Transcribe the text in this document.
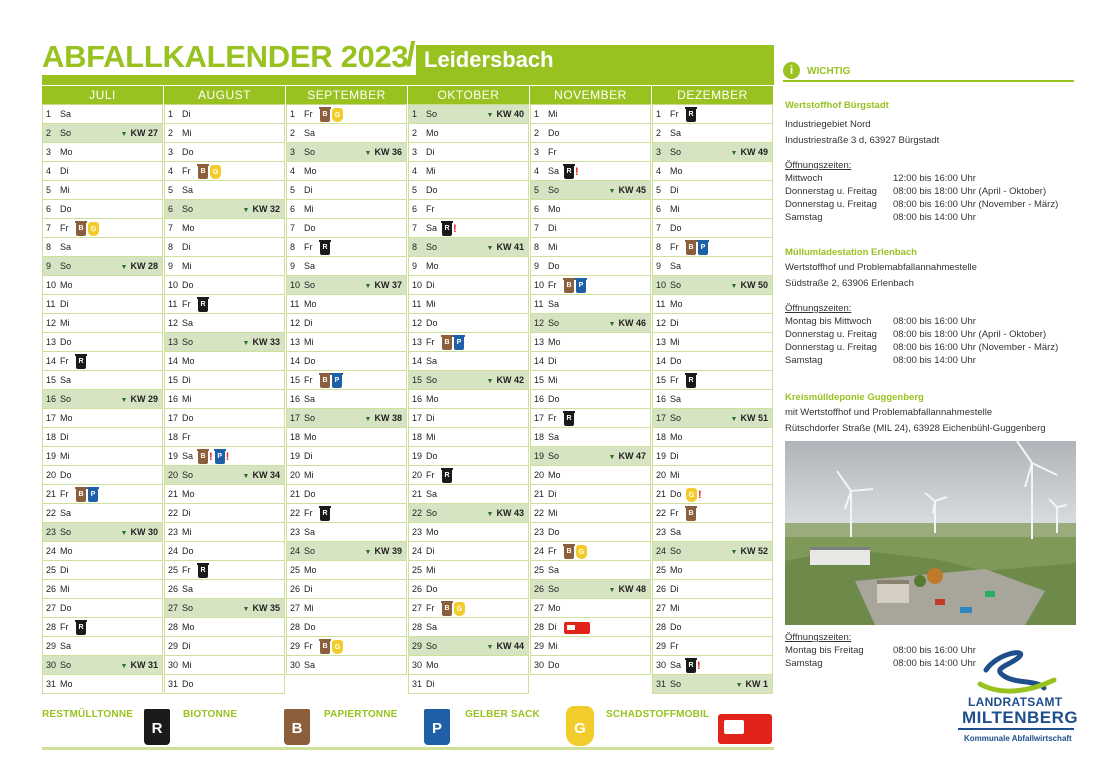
ABFALLKALENDER 2023
/ Leidersbach
JULI
1 Sa
2 So	▼ KW 27
3 Mo
4 Di
5 Mi
6 Do
7 Fr	B	G
8 Sa
9 So	▼ KW 28
10 Mo
11 Di
12 Mi
13 Do
14 Fr	R
15 Sa
16 So	▼ KW 29
17 Mo
18 Di
19 Mi
20 Do
21 Fr	B	P
22 Sa
23 So	▼ KW 30
24 Mo
25 Di
26 Mi
27 Do
28 Fr	R
29 Sa
30 So	▼ KW 31
31 Mo
AUGUST
1 Di
2 Mi
3 Do
4 Fr	B	G
5 Sa
6 So	▼ KW 32
7 Mo
8 Di
9 Mi
10 Do
11 Fr	R
12 Sa
13 So	▼ KW 33
14 Mo
15 Di
16 Mi
17 Do
18 Fr
19 Sa	B ! P !
20 So	▼ KW 34
21 Mo
22 Di
23 Mi
24 Do
25 Fr	R
26 Sa
27 So	▼ KW 35
28 Mo
29 Di
30 Mi
31 Do
SEPTEMBER
1 Fr	B	G
2 Sa
3 So	▼ KW 36
4 Mo
5 Di
6 Mi
7 Do
8 Fr	R
9 Sa
10 So	▼ KW 37
11 Mo
12 Di
13 Mi
14 Do
15 Fr	B	P
16 Sa
17 So	▼ KW 38
18 Mo
19 Di
20 Mi
21 Do
22 Fr	R
23 Sa
24 So	▼ KW 39
25 Mo
26 Di
27 Mi
28 Do
29 Fr	B	G
30 Sa
OKTOBER
1 So	▼ KW 40
2 Mo
3 Di
4 Mi
5 Do
6 Fr
7 Sa	R !
8 So	▼ KW 41
9 Mo
10 Di
11 Mi
12 Do
13 Fr	B	P
14 Sa
15 So	▼ KW 42
16 Mo
17 Di
18 Mi
19 Do
20 Fr	R
21 Sa
22 So	▼ KW 43
23 Mo
24 Di
25 Mi
26 Do
27 Fr	B	G
28 Sa
29 So	▼ KW 44
30 Mo
31 Di
NOVEMBER
1 Mi
2 Do
3 Fr
4 Sa	R !
5 So	▼ KW 45
6 Mo
7 Di
8 Mi
9 Do
10 Fr	B	P
11 Sa
12 So	▼ KW 46
13 Mo
14 Di
15 Mi
16 Do
17 Fr	R
18 Sa
19 So	▼ KW 47
20 Mo
21 Di
22 Mi
23 Do
24 Fr	B	G
25 Sa
26 So	▼ KW 48
27 Mo
28 Di
29 Mi
30 Do
DEZEMBER
1 Fr	R
2 Sa
3 So	▼ KW 49
4 Mo
5 Di
6 Mi
7 Do
8 Fr	B	P
9 Sa
10 So	▼ KW 50
11 Mo
12 Di
13 Mi
14 Do
15 Fr	R
16 Sa
17 So	▼ KW 51
18 Mo
19 Di
20 Mi
21 Do	G !
22 Fr	B
23 Sa
24 So	▼ KW 52
25 Mo
26 Di
27 Mi
28 Do
29 Fr
30 Sa	R !
31 So	▼ KW 1
RESTMÜLLTONNE
R
BIOTONNE
B
PAPIERTONNE
P
GELBER SACK
G
SCHADSTOFFMOBIL
i	WICHTIG
Wertstoffhof Bürgstadt
Industriegebiet Nord
Industriestraße 3 d, 63927 Bürgstadt
Öffnungszeiten:
Mittwoch	12:00 bis 16:00 Uhr
Donnerstag u. Freitag	08:00 bis 18:00 Uhr (April - Oktober)
Donnerstag u. Freitag	08:00 bis 16:00 Uhr (November - März)
Samstag	08:00 bis 14:00 Uhr
Müllumladestation Erlenbach
Wertstoffhof und Problemabfallannahmestelle
Südstraße 2, 63906 Erlenbach
Öffnungszeiten:
Montag bis Mittwoch	08:00 bis 16:00 Uhr
Donnerstag u. Freitag	08:00 bis 18:00 Uhr (April - Oktober)
Donnerstag u. Freitag	08:00 bis 16:00 Uhr (November - März)
Samstag	08:00 bis 14:00 Uhr
Kreismülldeponie Guggenberg
mit Wertstoffhof und Problemabfallannahmestelle
Rütschdorfer Straße (MIL 24), 63928 Eichenbühl-Guggenberg
Öffnungszeiten:
Montag bis Freitag	08:00 bis 16:00 Uhr
Samstag	08:00 bis 14:00 Uhr
LANDRATSAMT
MILTENBERG
Kommunale Abfallwirtschaft
